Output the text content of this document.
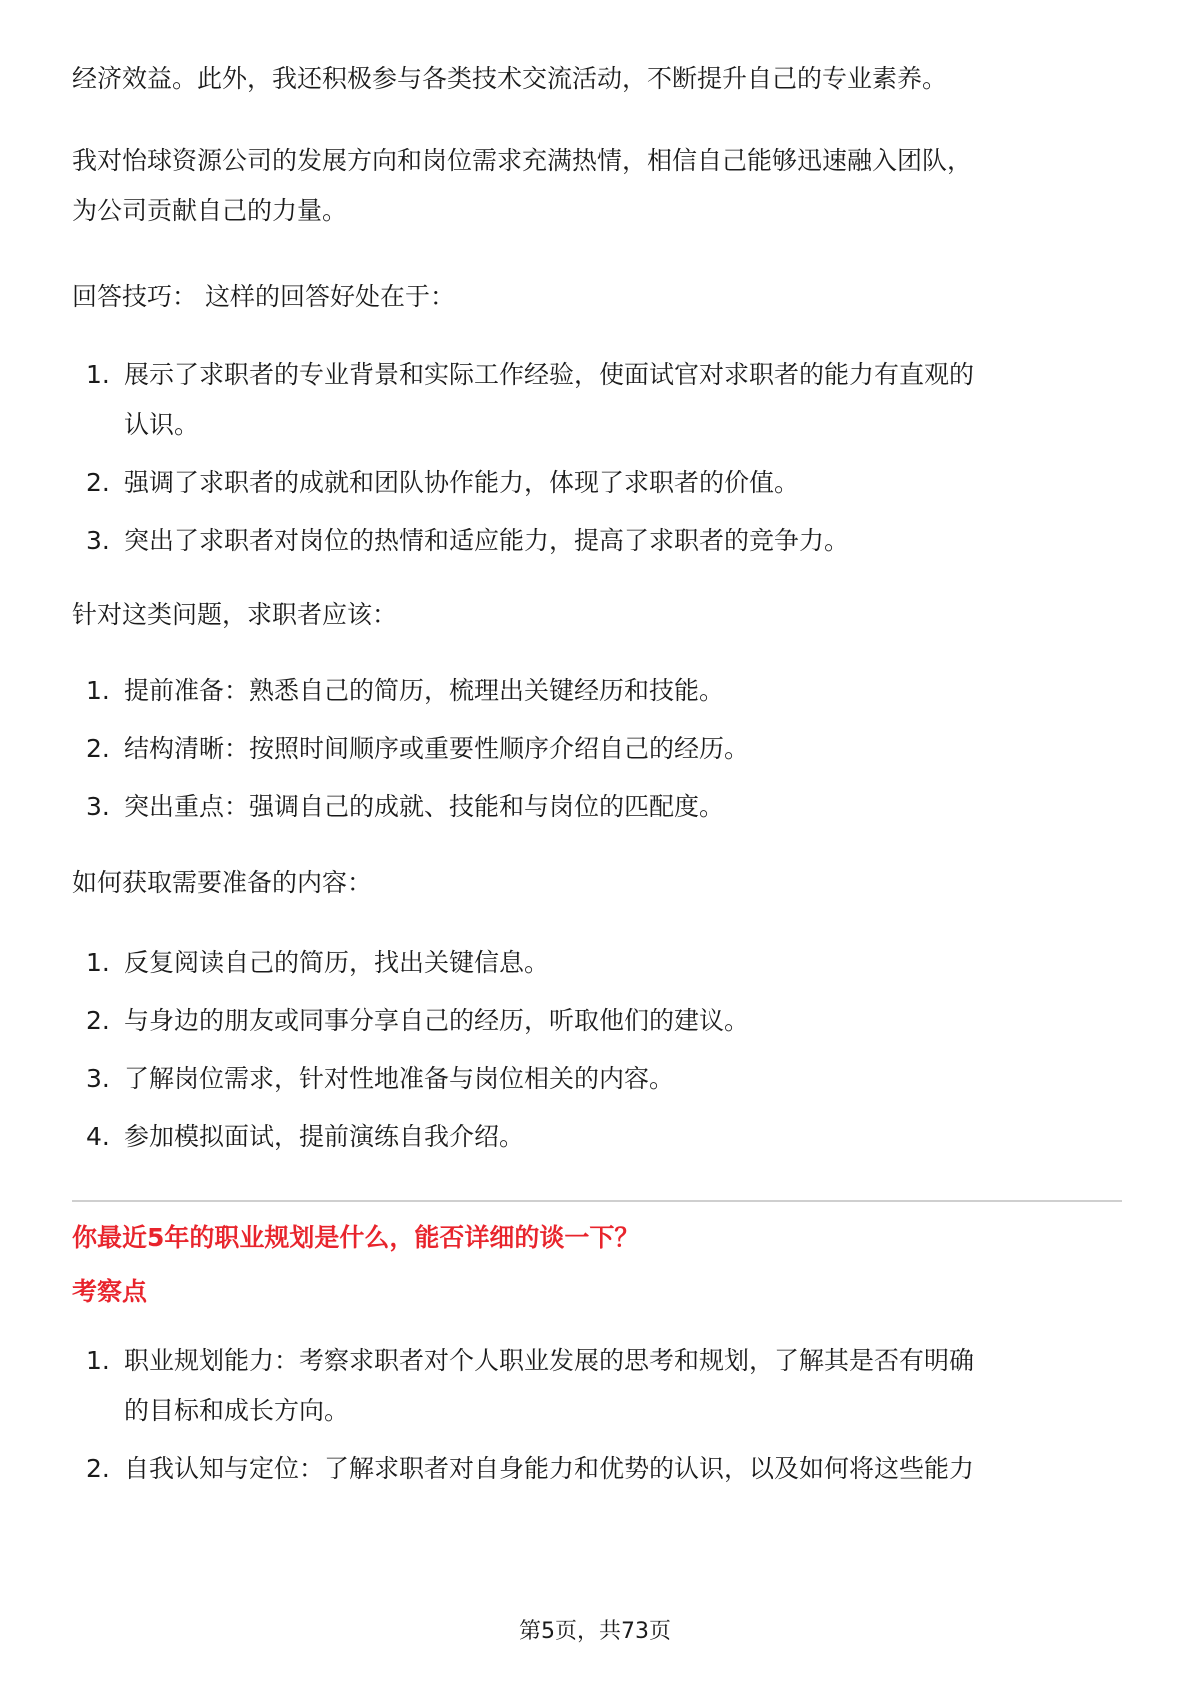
经济效益。此外，我还积极参与各类技术交流活动，不断提升自己的专业素养。

我对怡球资源公司的发展方向和岗位需求充满热情，相信自己能够迅速融入团队，
为公司贡献自己的力量。

回答技巧： 这样的回答好处在于：

1. 展示了求职者的专业背景和实际工作经验，使面试官对求职者的能力有直观的
认识。
2. 强调了求职者的成就和团队协作能力，体现了求职者的价值。
3. 突出了求职者对岗位的热情和适应能力，提高了求职者的竞争力。

针对这类问题，求职者应该：

1. 提前准备：熟悉自己的简历，梳理出关键经历和技能。
2. 结构清晰：按照时间顺序或重要性顺序介绍自己的经历。
3. 突出重点：强调自己的成就、技能和与岗位的匹配度。

如何获取需要准备的内容：

1. 反复阅读自己的简历，找出关键信息。
2. 与身边的朋友或同事分享自己的经历，听取他们的建议。
3. 了解岗位需求，针对性地准备与岗位相关的内容。
4. 参加模拟面试，提前演练自我介绍。

你最近5年的职业规划是什么，能否详细的谈一下？

考察点

1. 职业规划能力：考察求职者对个人职业发展的思考和规划，了解其是否有明确
的目标和成长方向。
2. 自我认知与定位：了解求职者对自身能力和优势的认识，以及如何将这些能力
第5页，共73页
